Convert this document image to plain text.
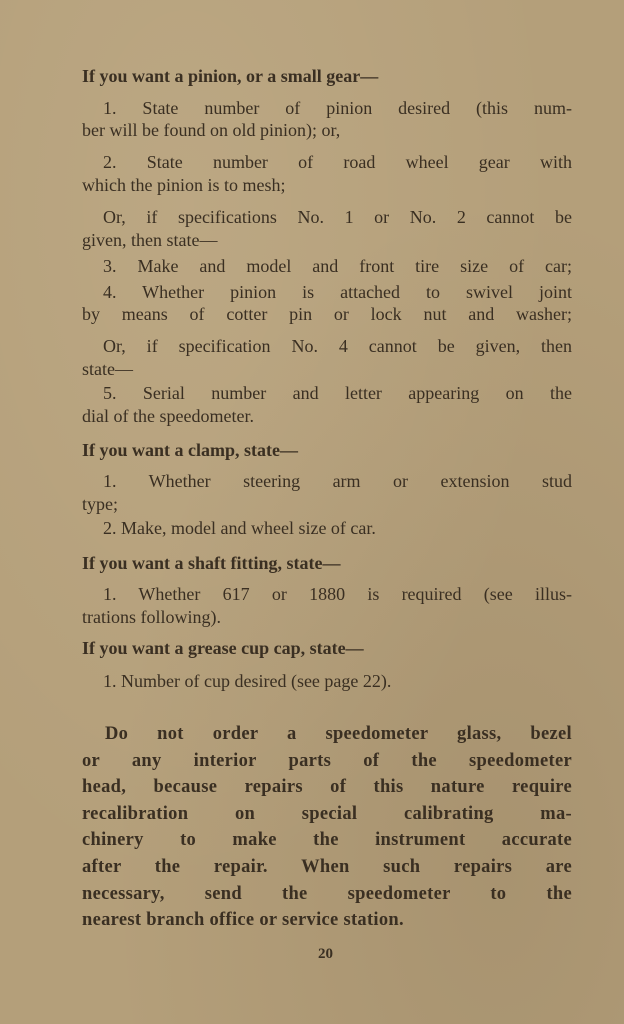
If you want a pinion, or a small gear—
1. State number of pinion desired (this num-
ber will be found on old pinion); or,
2. State number of road wheel gear with
which the pinion is to mesh;
Or, if specifications No. 1 or No. 2 cannot be
given, then state—
3. Make and model and front tire size of car;
4. Whether pinion is attached to swivel joint
by means of cotter pin or lock nut and washer;
Or, if specification No. 4 cannot be given, then
state—
5. Serial number and letter appearing on the
dial of the speedometer.
If you want a clamp, state—
1. Whether steering arm or extension stud
type;
2. Make, model and wheel size of car.
If you want a shaft fitting, state—
1. Whether 617 or 1880 is required (see illus-
trations following).
If you want a grease cup cap, state—
1. Number of cup desired (see page 22).
Do not order a speedometer glass, bezel
or any interior parts of the speedometer
head, because repairs of this nature require
recalibration on special calibrating ma-
chinery to make the instrument accurate
after the repair. When such repairs are
necessary, send the speedometer to the
nearest branch office or service station.
20
